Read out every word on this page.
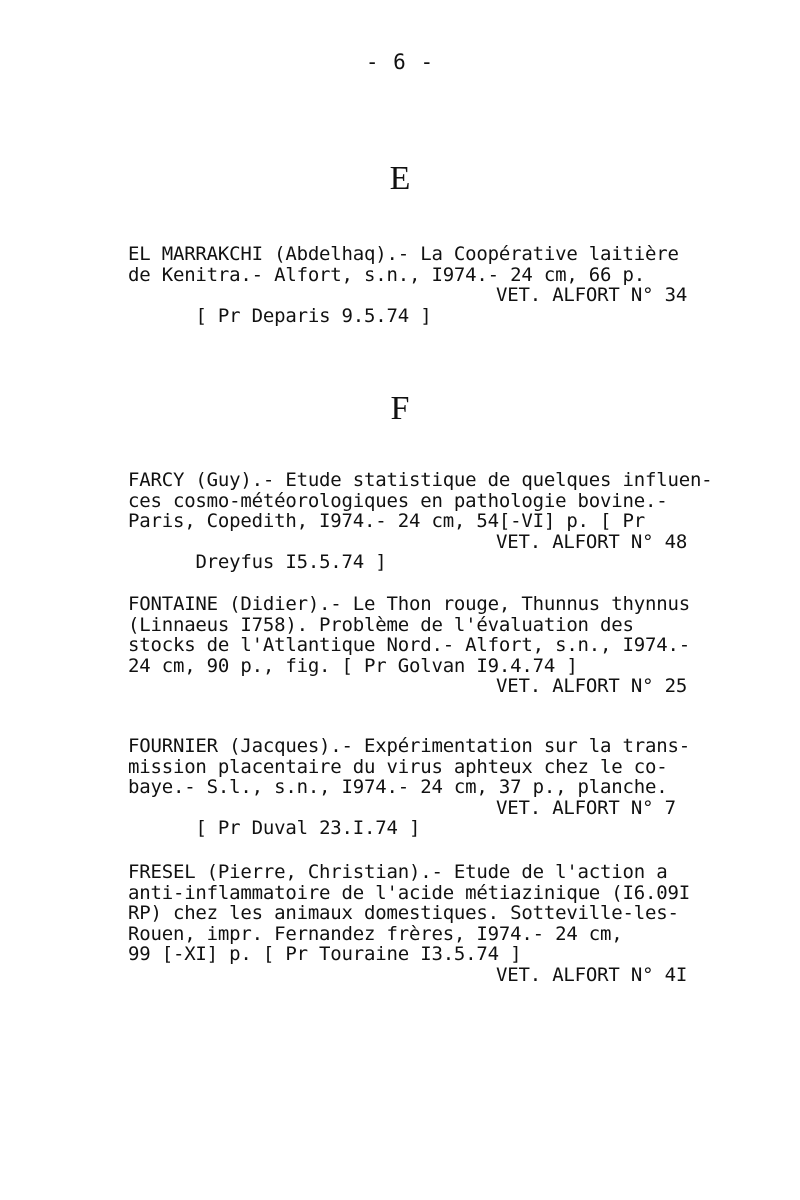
- 6 -
E
EL MARRAKCHI (Abdelhaq).- La Coopérative laitière
de Kenitra.- Alfort, s.n., I974.- 24 cm, 66 p.

[ Pr Deparis 9.5.74 ]

VET. ALFORT N° 34

F
FARCY (Guy).- Etude statistique de quelques influen-
ces cosmo-météorologiques en pathologie bovine.-
Paris, Copedith, I974.- 24 cm, 54[-VI] p. [ Pr

Dreyfus I5.5.74 ]

VET. ALFORT N° 48

FONTAINE (Didier).- Le Thon rouge, Thunnus thynnus
(Linnaeus I758). Problème de l'évaluation des
stocks de l'Atlantique Nord.- Alfort, s.n., I974.-
24 cm, 90 p., fig. [ Pr Golvan I9.4.74 ]

VET. ALFORT N° 25

FOURNIER (Jacques).- Expérimentation sur la trans-
mission placentaire du virus aphteux chez le co-
baye.- S.l., s.n., I974.- 24 cm, 37 p., planche.

[ Pr Duval 23.I.74 ]

VET. ALFORT N° 7

FRESEL (Pierre, Christian).- Etude de l'action a
anti-inflammatoire de l'acide métiazinique (I6.09I
RP) chez les animaux domestiques. Sotteville-les-
Rouen, impr. Fernandez frères, I974.- 24 cm,
99 [-XI] p. [ Pr Touraine I3.5.74 ]

VET. ALFORT N° 4I
